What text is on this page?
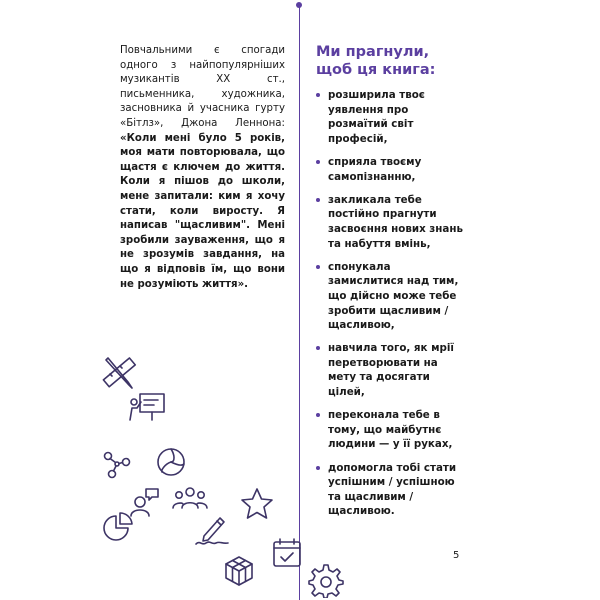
Повчальними є спогади одного з найпопулярніших музикантів XX ст., письменника, художника, засновника й учасника гурту «Бітлз», Джона Леннона: «Коли мені було 5 років, моя мати повторювала, що щастя є ключем до життя. Коли я пішов до школи, мене запитали: ким я хочу стати, коли виросту. Я написав "щасливим". Мені зробили зауваження, що я не зрозумів завдання, на що я відповів їм, що вони не розуміють життя».

Ми прагнули, щоб ця книга:
розширила твоє уявлення про розмаїтий світ професій,
сприяла твоєму самопізнанню,
закликала тебе постійно прагнути засвоєння нових знань та набуття вмінь,
спонукала замислитися над тим, що дійсно може тебе зробити щасливим / щасливою,
навчила того, як мрії перетворювати на мету та досягати цілей,
переконала тебе в тому, що майбутнє людини — у її руках,
допомогла тобі стати успішним / успішною та щасливим / щасливою.
5
